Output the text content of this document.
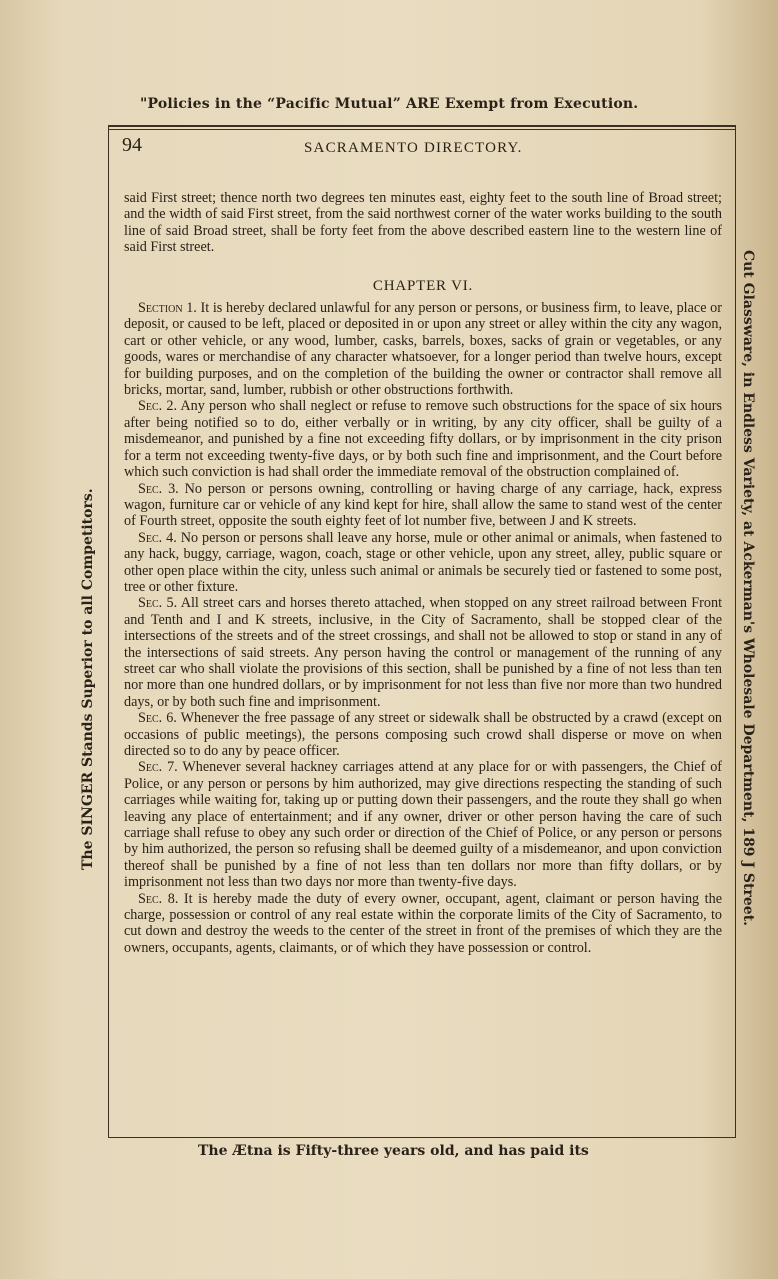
"Policies in the “Pacific Mutual” ARE Exempt from Execution.
94	SACRAMENTO DIRECTORY.

said First street; thence north two degrees ten minutes east, eighty feet to the south line of Broad street; and the width of said First street, from the said northwest corner of the water works building to the south line of said Broad street, shall be forty feet from the above described eastern line to the western line of said First street.

CHAPTER VI.

Section 1. It is hereby declared unlawful for any person or persons, or business firm, to leave, place or deposit, or caused to be left, placed or deposited in or upon any street or alley within the city any wagon, cart or other vehicle, or any wood, lumber, casks, barrels, boxes, sacks of grain or vegetables, or any goods, wares or merchandise of any character whatsoever, for a longer period than twelve hours, except for building purposes, and on the completion of the building the owner or contractor shall remove all bricks, mortar, sand, lumber, rubbish or other obstructions forthwith.

Sec. 2. Any person who shall neglect or refuse to remove such obstructions for the space of six hours after being notified so to do, either verbally or in writing, by any city officer, shall be guilty of a misdemeanor, and punished by a fine not exceeding fifty dollars, or by imprisonment in the city prison for a term not exceeding twenty-five days, or by both such fine and imprisonment, and the Court before which such conviction is had shall order the immediate removal of the obstruction complained of.

Sec. 3. No person or persons owning, controlling or having charge of any carriage, hack, express wagon, furniture car or vehicle of any kind kept for hire, shall allow the same to stand west of the center of Fourth street, opposite the south eighty feet of lot number five, between J and K streets.

Sec. 4. No person or persons shall leave any horse, mule or other animal or animals, when fastened to any hack, buggy, carriage, wagon, coach, stage or other vehicle, upon any street, alley, public square or other open place within the city, unless such animal or animals be securely tied or fastened to some post, tree or other fixture.

Sec. 5. All street cars and horses thereto attached, when stopped on any street railroad between Front and Tenth and I and K streets, inclusive, in the City of Sacramento, shall be stopped clear of the intersections of the streets and of the street crossings, and shall not be allowed to stop or stand in any of the intersections of said streets. Any person having the control or management of the running of any street car who shall violate the provisions of this section, shall be punished by a fine of not less than ten nor more than one hundred dollars, or by imprisonment for not less than five nor more than two hundred days, or by both such fine and imprisonment.

Sec. 6. Whenever the free passage of any street or sidewalk shall be obstructed by a crawd (except on occasions of public meetings), the persons composing such crowd shall disperse or move on when directed so to do any by peace officer.

Sec. 7. Whenever several hackney carriages attend at any place for or with passengers, the Chief of Police, or any person or persons by him authorized, may give directions respecting the standing of such carriages while waiting for, taking up or putting down their passengers, and the route they shall go when leaving any place of entertainment; and if any owner, driver or other person having the care of such carriage shall refuse to obey any such order or direction of the Chief of Police, or any person or persons by him authorized, the person so refusing shall be deemed guilty of a misdemeanor, and upon conviction thereof shall be punished by a fine of not less than ten dollars nor more than fifty dollars, or by imprisonment not less than two days nor more than twenty-five days.

Sec. 8. It is hereby made the duty of every owner, occupant, agent, claimant or person having the charge, possession or control of any real estate within the corporate limits of the City of Sacramento, to cut down and destroy the weeds to the center of the street in front of the premises of which they are the owners, occupants, agents, claimants, or of which they have possession or control.

The Ætna is Fifty-three years old, and has paid its
The SINGER Stands Superior to all Competitors.	Cut Glassware, in Endless Variety, at Ackerman's Wholesale Department, 189 J Street.
